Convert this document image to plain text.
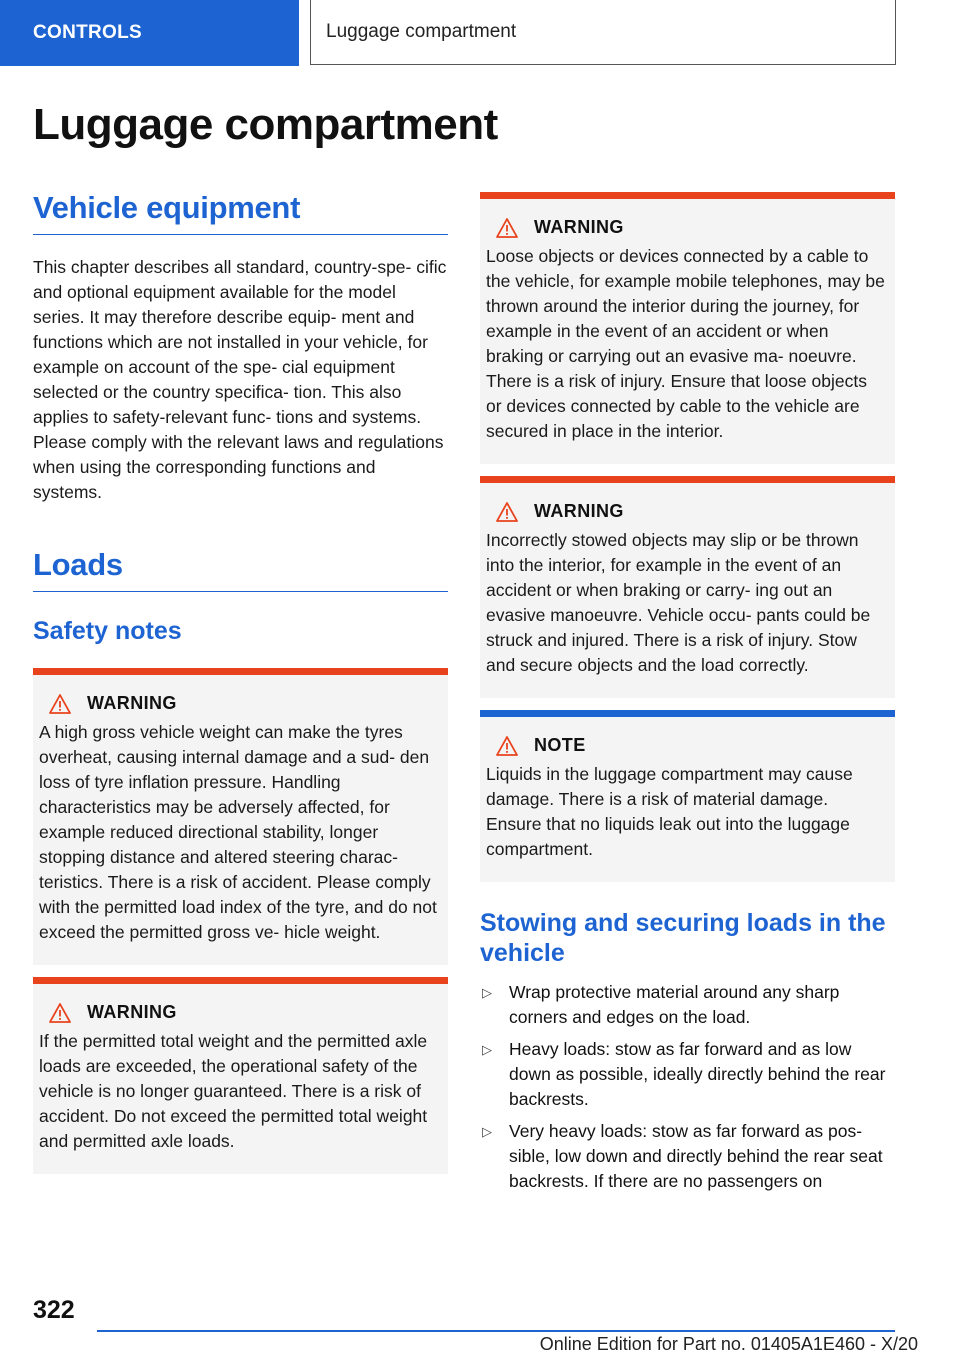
CONTROLS	Luggage compartment
Luggage compartment
Vehicle equipment

This chapter describes all standard, country-spe- cific and optional equipment available for the model series. It may therefore describe equip- ment and functions which are not installed in your vehicle, for example on account of the spe- cial equipment selected or the country specifica- tion. This also applies to safety-relevant func- tions and systems. Please comply with the relevant laws and regulations when using the corresponding functions and systems.

Loads
Safety notes
WARNING

A high gross vehicle weight can make the tyres overheat, causing internal damage and a sud- den loss of tyre inflation pressure. Handling characteristics may be adversely affected, for example reduced directional stability, longer stopping distance and altered steering charac- teristics. There is a risk of accident. Please comply with the permitted load index of the tyre, and do not exceed the permitted gross ve- hicle weight.

WARNING

If the permitted total weight and the permitted axle loads are exceeded, the operational safety of the vehicle is no longer guaranteed. There is a risk of accident. Do not exceed the permitted total weight and permitted axle loads.

WARNING

Loose objects or devices connected by a cable to the vehicle, for example mobile telephones, may be thrown around the interior during the journey, for example in the event of an accident or when braking or carrying out an evasive ma- noeuvre. There is a risk of injury. Ensure that loose objects or devices connected by cable to the vehicle are secured in place in the interior.

WARNING

Incorrectly stowed objects may slip or be thrown into the interior, for example in the event of an accident or when braking or carry- ing out an evasive manoeuvre. Vehicle occu- pants could be struck and injured. There is a risk of injury. Stow and secure objects and the load correctly.

NOTE

Liquids in the luggage compartment may cause damage. There is a risk of material damage. Ensure that no liquids leak out into the luggage compartment.

Stowing and securing loads in the vehicle
▷ Wrap protective material around any sharp corners and edges on the load.
▷ Heavy loads: stow as far forward and as low down as possible, ideally directly behind the rear backrests.
▷ Very heavy loads: stow as far forward as pos- sible, low down and directly behind the rear seat backrests. If there are no passengers on
322
Online Edition for Part no. 01405A1E460 - X/20
